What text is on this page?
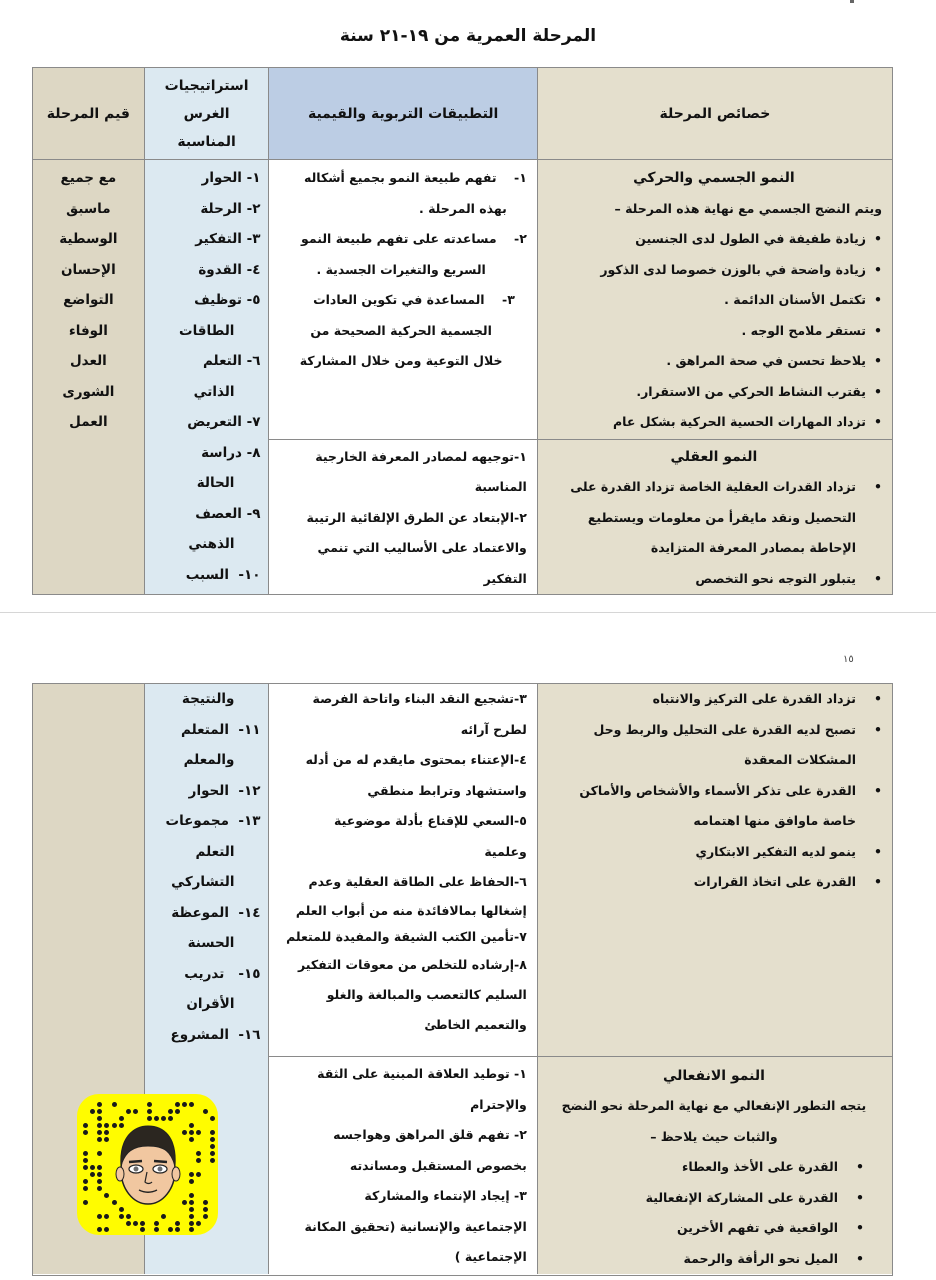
المرحلة العمرية من ١٩-٢١ سنة
خصائص المرحلة
التطبيقات التربوية والقيمية
استراتيجيات الغرس المناسبة
قيم المرحلة
النمو الجسمي والحركي
ويتم النضج الجسمي مع نهاية هذه المرحلة –
• زيادة طفيفة في الطول لدى الجنسين
• زيادة واضحة في بالوزن خصوصا لدى الذكور
• تكتمل الأسنان الدائمة .
• تستقر ملامح الوجه .
• يلاحظ تحسن في صحة المراهق .
• يقترب النشاط الحركي من الاستقرار.
• تزداد المهارات الحسية الحركية بشكل عام
النمو العقلي
• تزداد القدرات العقلية الخاصة تزداد القدرة على التحصيل ونقد مايقرأ من معلومات ويستطيع الإحاطة بمصادر المعرفة المتزايدة
• يتبلور التوجه نحو التخصص
١-    تفهم طبيعة النمو بجميع أشكاله
بهذه المرحلة .
٢-    مساعدته على تفهم طبيعة النمو
السريع والتغيرات الجسدية .
٣-    المساعدة في تكوين العادات
الجسمية الحركية الصحيحة من
خلال التوعية ومن خلال المشاركة
١-توجيهه لمصادر المعرفة الخارجية
المناسبة
٢-الإبتعاد عن الطرق الإلقائية الرتيبة
والاعتماد على الأساليب التي تنمي
التفكير
١- الحوار
٢- الرحلة
٣- التفكير
٤- القدوة
٥- توظيف
الطاقات
٦- التعلم
الذاتي
٧- التعريض
٨- دراسة
الحالة
٩- العصف
الذهني
١٠-  السبب
مع جميع
ماسبق
الوسطية
الإحسان
التواضع
الوفاء
العدل
الشورى
العمل
١٥
• تزداد القدرة على التركيز والانتباه
• تصبح لديه القدرة على التحليل والربط وحل المشكلات المعقدة
• القدرة على تذكر الأسماء والأشخاص والأماكن خاصة ماوافق منها اهتمامه
• ينمو لديه التفكير الابتكاري
• القدرة على اتخاذ القرارات
النمو الانفعالي
يتجه التطور الإنفعالي مع نهاية المرحلة نحو النضج والثبات حيث يلاحظ –
• القدرة على الأخذ والعطاء
• القدرة على المشاركة الإنفعالية
• الواقعية في تفهم الأخرين
• الميل نحو الرأفة والرحمة
٣-تشجيع النقد البناء واتاحة الفرصة
لطرح آرائه
٤-الإعتناء بمحتوى مايقدم له من أدله
واستشهاد وترابط منطقي
٥-السعي للإقناع بأدلة موضوعية
وعلمية
٦-الحفاظ على الطاقة العقلية وعدم
إشغالها بمالافائدة منه من أبواب العلم
٧-تأمين الكتب الشيقة والمفيدة للمتعلم
٨-إرشاده للتخلص من معوقات التفكير
السليم كالتعصب والمبالغة والغلو
والتعميم الخاطئ
١- توطيد العلاقة المبنية على الثقة
والإحترام
٢- تفهم قلق المراهق وهواجسه
بخصوص المستقبل ومساندته
٣- إيجاد الإنتماء والمشاركة
الإجتماعية والإنسانية (تحقيق المكانة
الإجتماعية )
والنتيجة
١١-  المتعلم
والمعلم
١٢-  الحوار
١٣-  مجموعات
التعلم
التشاركي
١٤-  الموعظة
الحسنة
١٥-   تدريب
الأقران
١٦-  المشروع
